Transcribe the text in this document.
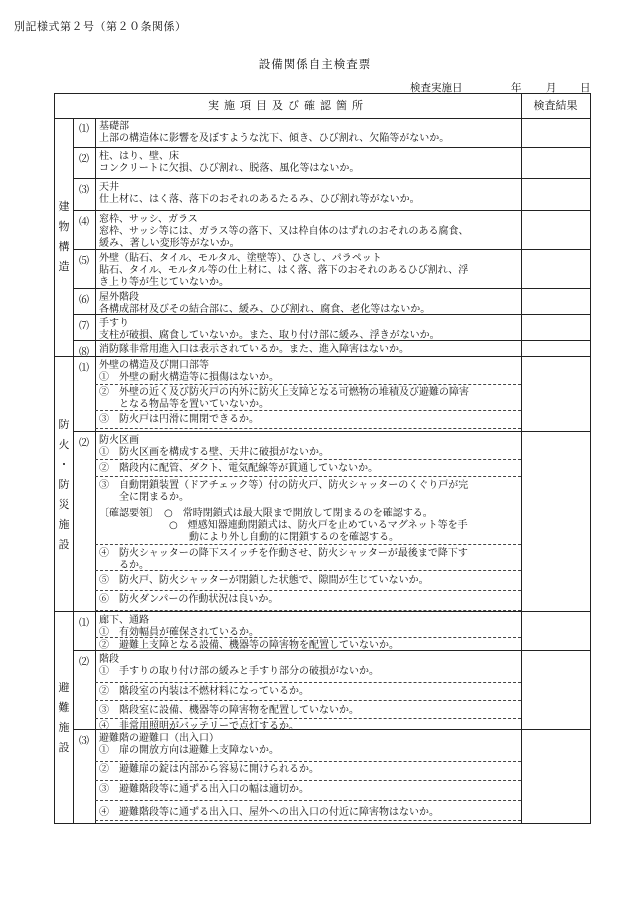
別記様式第２号（第２０条関係）
設備関係自主検査票
検査実施日	年 月 日
実施項目及び確認箇所	検査結果
建
物
構
造
⑴	基礎部
上部の構造体に影響を及ぼすような沈下、傾き、ひび割れ、欠陥等がないか。
⑵	柱、はり、壁、床
コンクリートに欠損、ひび割れ、脱落、風化等はないか。
⑶	天井
仕上材に、はく落、落下のおそれのあるたるみ、ひび割れ等がないか。
⑷	窓枠、サッシ、ガラス
窓枠、サッシ等には、ガラス等の落下、又は枠自体のはずれのおそれのある腐食、
緩み、著しい変形等がないか。
⑸	外壁（貼石、タイル、モルタル、塗壁等）、ひさし、パラペット
貼石、タイル、モルタル等の仕上材に、はく落、落下のおそれのあるひび割れ、浮
き上り等が生じていないか。
⑹	屋外階段
各構成部材及びその結合部に、緩み、ひび割れ、腐食、老化等はないか。
⑺	手すり
支柱が破損、腐食していないか。また、取り付け部に緩み、浮きがないか。
⑻	消防隊非常用進入口は表示されているか。また、進入障害はないか。
防
火
・
防
災
施
設
⑴	外壁の構造及び開口部等
①　外壁の耐火構造等に損傷はないか。
②　外壁の近く及び防火戸の内外に防火上支障となる可燃物の堆積及び避難の障害
　　となる物品等を置いていないか。
③　防火戸は円滑に開閉できるか。
⑵	防火区画
①　防火区画を構成する壁、天井に破損がないか。
②　階段内に配管、ダクト、電気配線等が貫通していないか。
③　自動閉鎖装置（ドアチェック等）付の防火戸、防火シャッターのくぐり戸が完
　　全に閉まるか。
〔確認要領〕　○　常時閉鎖式は最大限まで開放して閉まるのを確認する。
　　　　　　　○　煙感知器連動閉鎖式は、防火戸を止めているマグネット等を手
　　　　　　　　　動により外し自動的に閉鎖するのを確認する。
④　防火シャッターの降下スイッチを作動させ、防火シャッターが最後まで降下す
　　るか。
⑤　防火戸、防火シャッターが閉鎖した状態で、隙間が生じていないか。
⑥　防火ダンパーの作動状況は良いか。
避
難
施
設
⑴	廊下、通路
①　有効幅員が確保されているか。
②　避難上支障となる設備、機器等の障害物を配置していないか。
⑵	階段
①　手すりの取り付け部の緩みと手すり部分の破損がないか。
②　階段室の内装は不燃材料になっているか。
③　階段室に設備、機器等の障害物を配置していないか。
④　非常用照明がバッテリーで点灯するか。
⑶	避難階の避難口（出入口）
①　扉の開放方向は避難上支障ないか。
②　避難扉の錠は内部から容易に開けられるか。
③　避難階段等に通ずる出入口の幅は適切か。
④　避難階段等に通ずる出入口、屋外への出入口の付近に障害物はないか。
